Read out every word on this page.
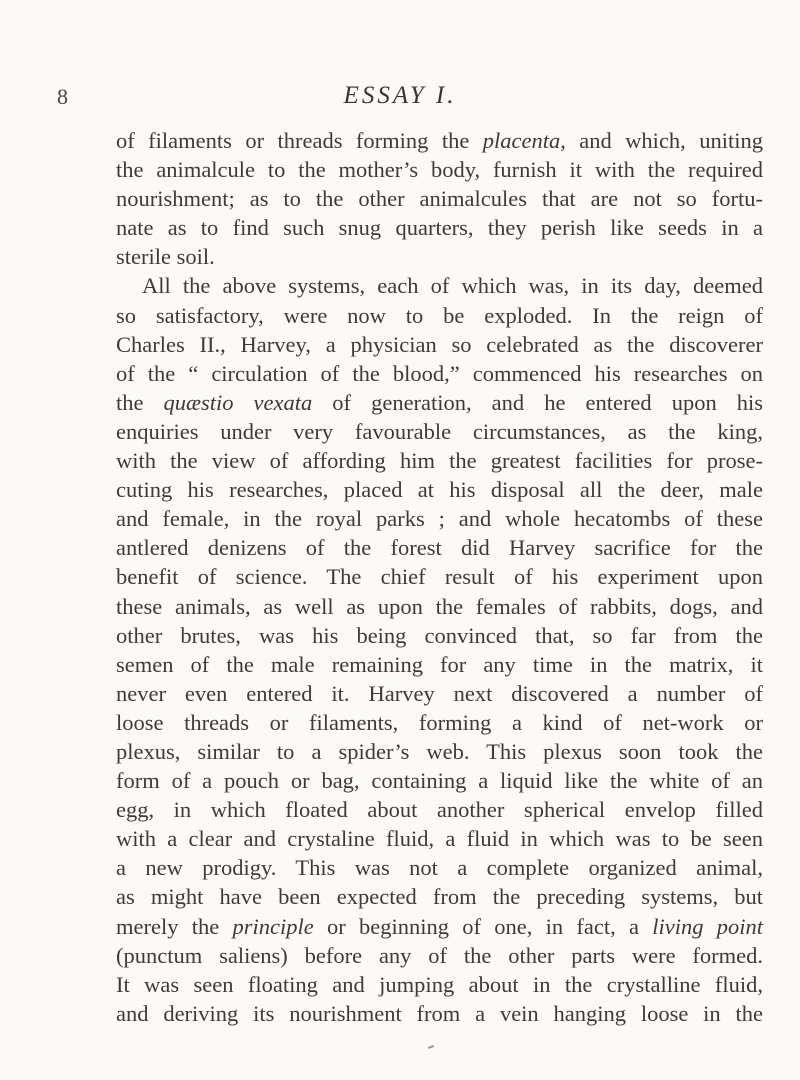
8	ESSAY I.
of filaments or threads forming the placenta, and which, uniting
the animalcule to the mother’s body, furnish it with the required
nourishment; as to the other animalcules that are not so fortu-
nate as to find such snug quarters, they perish like seeds in a
sterile soil.
All the above systems, each of which was, in its day, deemed
so satisfactory, were now to be exploded. In the reign of
Charles II., Harvey, a physician so celebrated as the discoverer
of the “ circulation of the blood,” commenced his researches on
the quæstio vexata of generation, and he entered upon his
enquiries under very favourable circumstances, as the king,
with the view of affording him the greatest facilities for prose-
cuting his researches, placed at his disposal all the deer, male
and female, in the royal parks ; and whole hecatombs of these
antlered denizens of the forest did Harvey sacrifice for the
benefit of science. The chief result of his experiment upon
these animals, as well as upon the females of rabbits, dogs, and
other brutes, was his being convinced that, so far from the
semen of the male remaining for any time in the matrix, it
never even entered it. Harvey next discovered a number of
loose threads or filaments, forming a kind of net-work or
plexus, similar to a spider’s web. This plexus soon took the
form of a pouch or bag, containing a liquid like the white of an
egg, in which floated about another spherical envelop filled
with a clear and crystaline fluid, a fluid in which was to be seen
a new prodigy. This was not a complete organized animal,
as might have been expected from the preceding systems, but
merely the principle or beginning of one, in fact, a living point
(punctum saliens) before any of the other parts were formed.
It was seen floating and jumping about in the crystalline fluid,
and deriving its nourishment from a vein hanging loose in the
